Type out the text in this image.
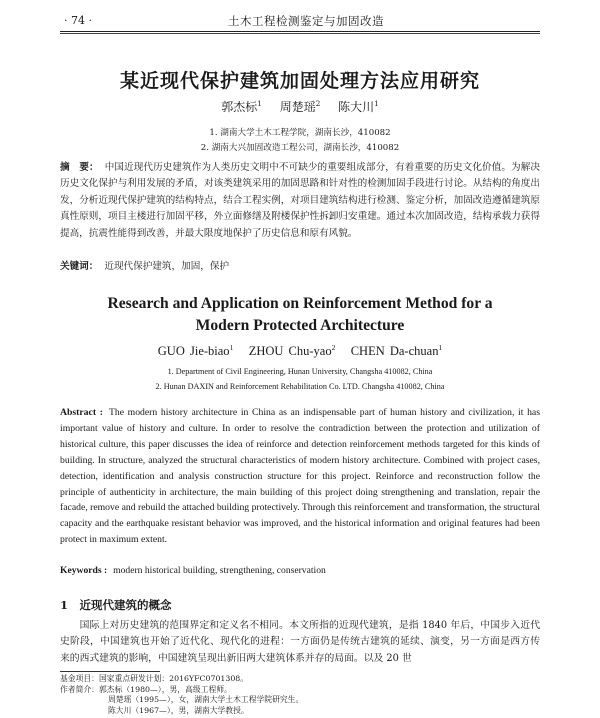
· 74 ·	土木工程检测鉴定与加固改造
某近现代保护建筑加固处理方法应用研究
郭杰标$^1$ 周楚瑶$^2$ 陈大川$^1$
1. 湖南大学土木工程学院，湖南长沙，410082
2. 湖南大兴加固改造工程公司，湖南长沙，410082
摘　要： 中国近现代历史建筑作为人类历史文明中不可缺少的重要组成部分，有着重要的历史文化价值。为解决历史文化保护与利用发展的矛盾，对该类建筑采用的加固思路和针对性的检测加固手段进行讨论。从结构的角度出发，分析近现代保护建筑的结构特点，结合工程实例，对项目建筑结构进行检测、鉴定分析，加固改造遵循建筑原真性原则，项目主楼进行加固平移，外立面修缮及附楼保护性拆卸归安重建。通过本次加固改造，结构承载力获得提高，抗震性能得到改善，并最大限度地保护了历史信息和原有风貌。
关键词： 近现代保护建筑，加固，保护
Research and Application on Reinforcement Method for a
Modern Protected Architecture
GUO Jie-biao$^1$ ZHOU Chu-yao$^2$ CHEN Da-chuan$^1$
1. Department of Civil Engineering, Hunan University, Changsha 410082, China
2. Hunan DAXIN and Reinforcement Rehabilitation Co. LTD. Changsha 410082, China
Abstract : The modern history architecture in China as an indispensable part of human history and civilization, it has important value of history and culture. In order to resolve the contradiction between the protection and utilization of historical culture, this paper discusses the idea of reinforce and detection reinforcement methods targeted for this kinds of building. In structure, analyzed the structural characteristics of modern history architecture. Combined with project cases, detection, identification and analysis construction structure for this project. Reinforce and reconstruction follow the principle of authenticity in architecture, the main building of this project doing strengthening and translation, repair the facade, remove and rebuild the attached building protectively. Through this reinforcement and transformation, the structural capacity and the earthquake resistant behavior was improved, and the historical information and original features had been protect in maximum extent.
Keywords : modern historical building, strengthening, conservation
1　近现代建筑的概念
国际上对历史建筑的范围界定和定义名不相同。本文所指的近现代建筑，是指 1840 年后，中国步入近代史阶段，中国建筑也开始了近代化、现代化的进程：一方面仍是传统古建筑的延续、演变，另一方面是西方传来的西式建筑的影响，中国建筑呈现出新旧两大建筑体系并存的局面。以及 20 世
基金项目：国家重点研发计划：2016YFC0701308。
作者简介：郭杰标（1980—），男，高级工程师。
周楚瑶（1995—），女，湖南大学土木工程学院研究生。
陈大川（1967—），男，湖南大学教授。
